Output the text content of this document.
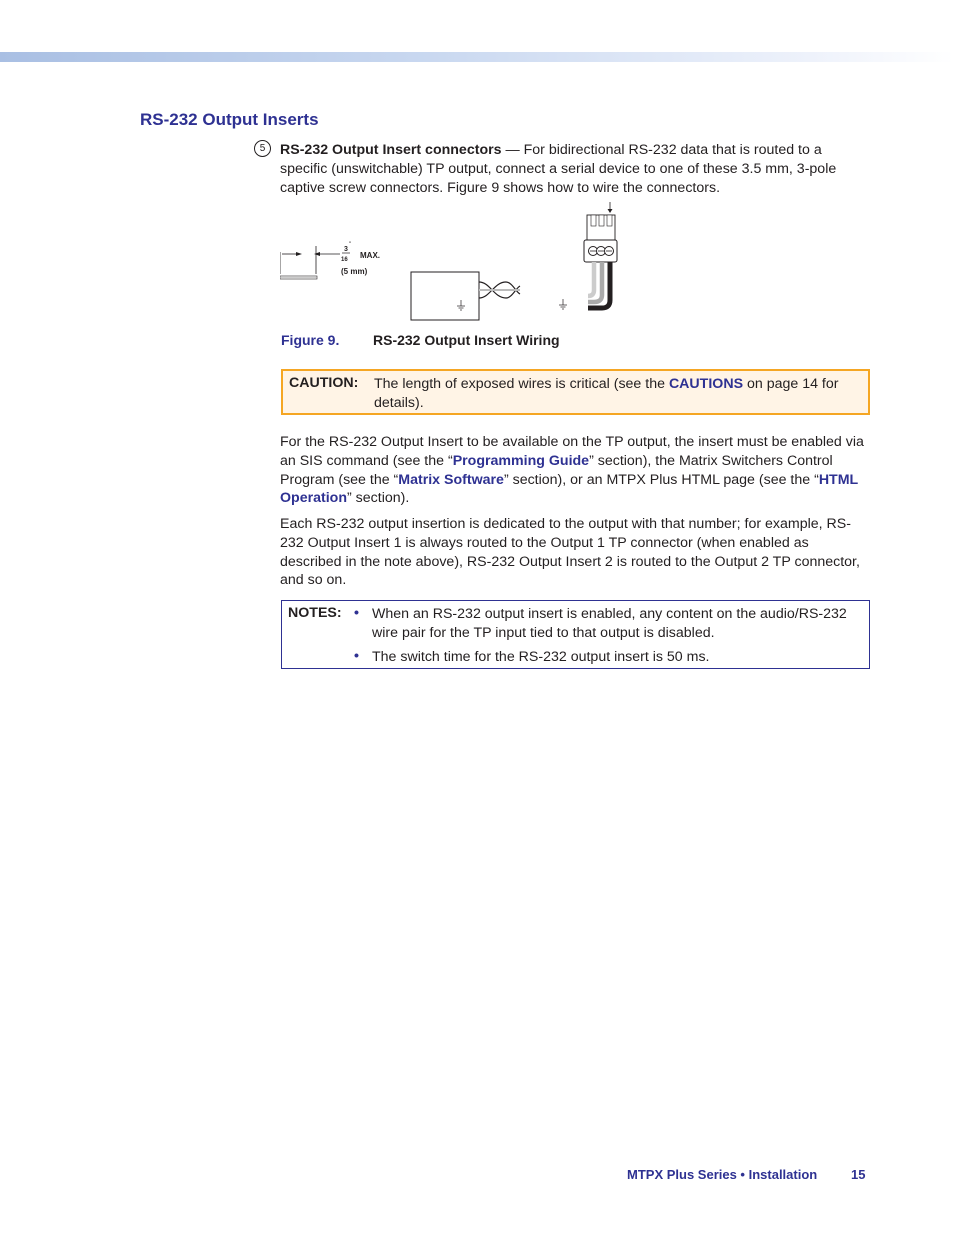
RS-232 Output Inserts
5	RS-232 Output Insert connectors — For bidirectional RS-232 data that is routed to a specific (unswitchable) TP output, connect a serial device to one of these 3.5 mm, 3-pole captive screw connectors. Figure 9 shows how to wire the connectors.

3
"
16 MAX.
(5 mm)
Figure 9. RS-232 Output Insert Wiring
CAUTION: The length of exposed wires is critical (see the CAUTIONS on page 14 for details).

For the RS-232 Output Insert to be available on the TP output, the insert must be enabled via an SIS command (see the “Programming Guide” section), the Matrix Switchers Control Program (see the “Matrix Software” section), or an MTPX Plus HTML page (see the “HTML Operation” section).

Each RS-232 output insertion is dedicated to the output with that number; for example, RS-232 Output Insert 1 is always routed to the Output 1 TP connector (when enabled as described in the note above), RS-232 Output Insert 2 is routed to the Output 2 TP connector, and so on.

NOTES: • When an RS-232 output insert is enabled, any content on the audio/RS-232 wire pair for the TP input tied to that output is disabled.
• The switch time for the RS-232 output insert is 50 ms.
MTPX Plus Series • Installation	15
